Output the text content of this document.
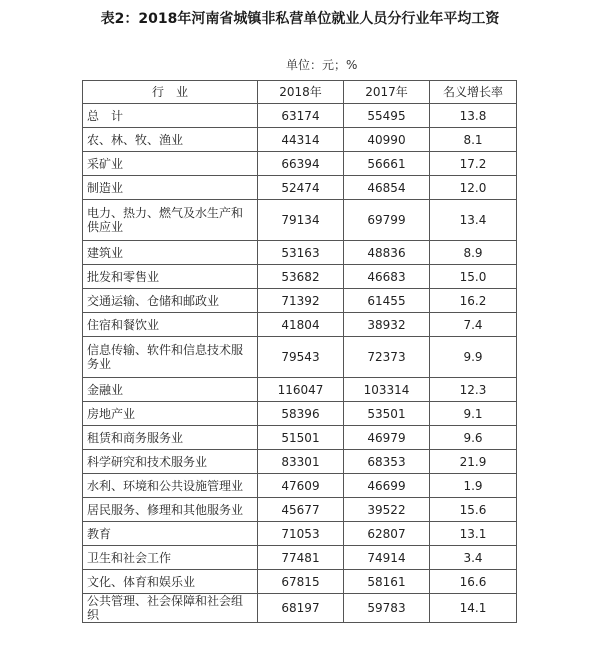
表2：2018年河南省城镇非私营单位就业人员分行业年平均工资
单位：元；%
行　业	2018年	2017年	名义增长率
总　计	63174	55495	13.8
农、林、牧、渔业	44314	40990	8.1
采矿业	66394	56661	17.2
制造业	52474	46854	12.0
电力、热力、燃气及水生产和供应业	79134	69799	13.4
建筑业	53163	48836	8.9
批发和零售业	53682	46683	15.0
交通运输、仓储和邮政业	71392	61455	16.2
住宿和餐饮业	41804	38932	7.4
信息传输、软件和信息技术服务业	79543	72373	9.9
金融业	116047	103314	12.3
房地产业	58396	53501	9.1
租赁和商务服务业	51501	46979	9.6
科学研究和技术服务业	83301	68353	21.9
水利、环境和公共设施管理业	47609	46699	1.9
居民服务、修理和其他服务业	45677	39522	15.6
教育	71053	62807	13.1
卫生和社会工作	77481	74914	3.4
文化、体育和娱乐业	67815	58161	16.6
公共管理、社会保障和社会组织	68197	59783	14.1
